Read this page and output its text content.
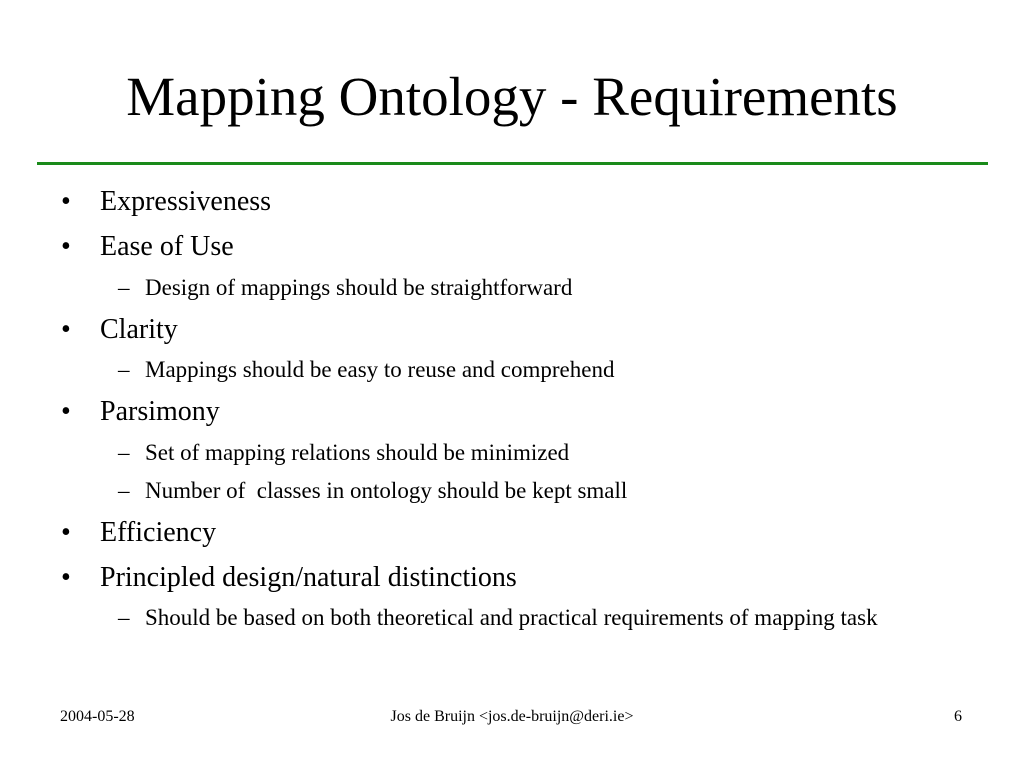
Mapping Ontology - Requirements
• Expressiveness
• Ease of Use
– Design of mappings should be straightforward
• Clarity
– Mappings should be easy to reuse and comprehend
• Parsimony
– Set of mapping relations should be minimized
– Number of  classes in ontology should be kept small
• Efficiency
• Principled design/natural distinctions
– Should be based on both theoretical and practical requirements of mapping task
2004-05-28	Jos de Bruijn <jos.de-bruijn@deri.ie>	6
